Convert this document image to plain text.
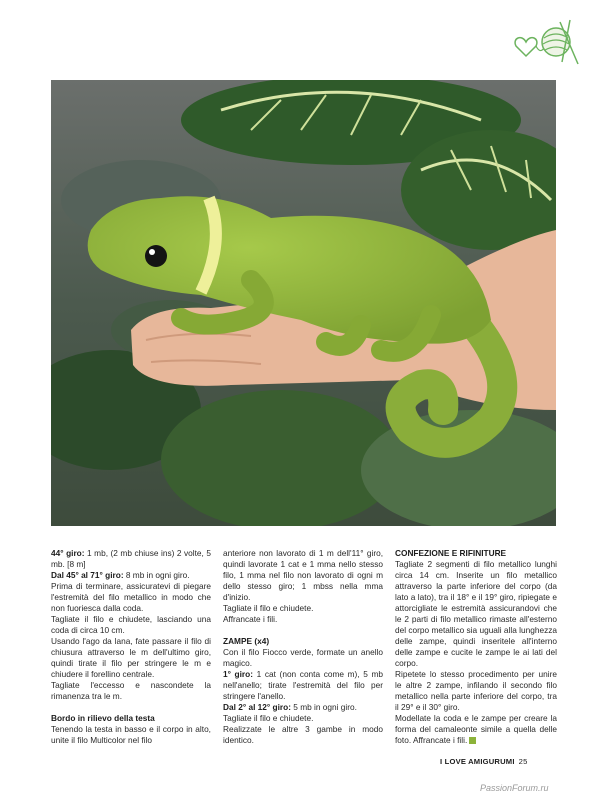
44° giro: 1 mb, (2 mb chiuse ins) 2 volte, 5 mb. [8 m]

Dal 45° al 71° giro: 8 mb in ogni giro.

Prima di terminare, assicuratevi di piegare l'estremità del filo metallico in modo che non fuoriesca dalla coda.

Tagliate il filo e chiudete, lasciando una coda di circa 10 cm.

Usando l'ago da lana, fate passare il filo di chiusura attraverso le m dell'ultimo giro, quindi tirate il filo per stringere le m e chiudere il forellino centrale.

Tagliate l'eccesso e nascondete la rimanenza tra le m.

Bordo in rilievo della testa

Tenendo la testa in basso e il corpo in alto, unite il filo Multicolor nel filo

anteriore non lavorato di 1 m dell'11° giro, quindi lavorate 1 cat e 1 mma nello stesso filo, 1 mma nel filo non lavorato di ogni m dello stesso giro; 1 mbss nella mma d'inizio.

Tagliate il filo e chiudete.

Affrancate i fili.

ZAMPE (x4)

Con il filo Fiocco verde, formate un anello magico.

1° giro: 1 cat (non conta come m), 5 mb nell'anello; tirate l'estremità del filo per stringere l'anello.

Dal 2° al 12° giro: 5 mb in ogni giro.

Tagliate il filo e chiudete.

Realizzate le altre 3 gambe in modo identico.

CONFEZIONE E RIFINITURE

Tagliate 2 segmenti di filo metallico lunghi circa 14 cm. Inserite un filo metallico attraverso la parte inferiore del corpo (da lato a lato), tra il 18° e il 19° giro, ripiegate e attorcigliate le estremità assicurandovi che le 2 parti di filo metallico rimaste all'esterno del corpo metallico sia uguali alla lunghezza delle zampe, quindi inseritele all'interno delle zampe e cucite le zampe le ai lati del corpo.

Ripetete lo stesso procedimento per unire le altre 2 zampe, infilando il secondo filo metallico nella parte inferiore del corpo, tra il 29° e il 30° giro.

Modellate la coda e le zampe per creare la forma del camaleonte simile a quella delle foto. Affrancate i fili.

I LOVE AMIGURUMI 25
PassionForum.ru
